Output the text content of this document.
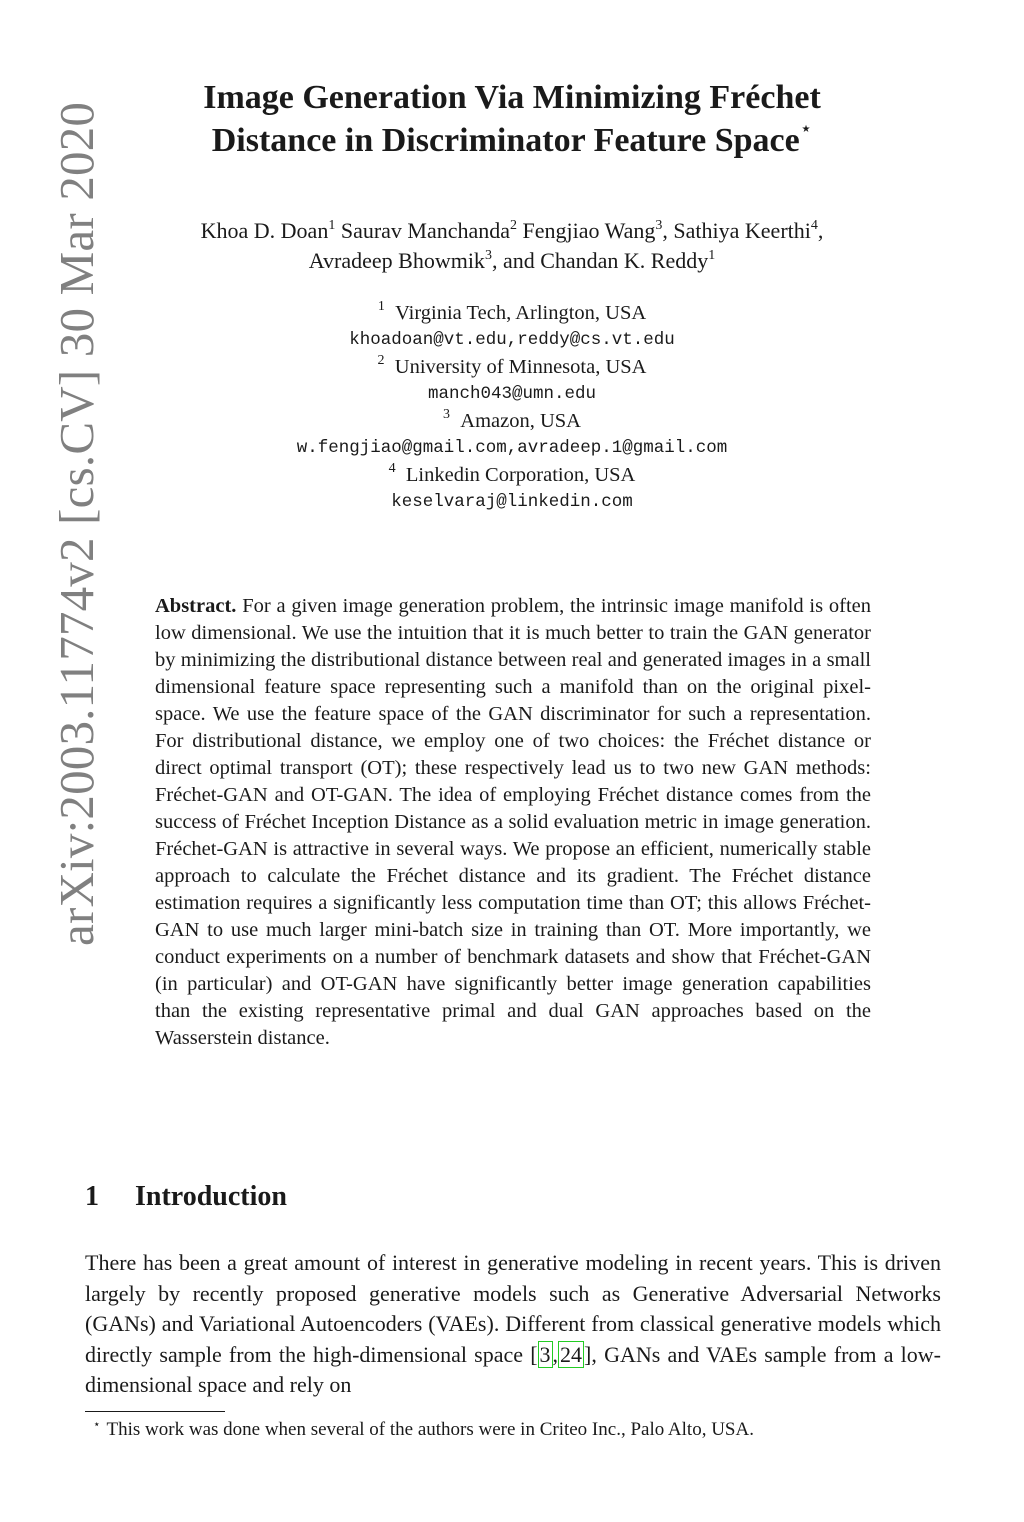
arXiv:2003.11774v2 [cs.CV] 30 Mar 2020
Image Generation Via Minimizing Fréchet
Distance in Discriminator Feature Space⋆
Khoa D. Doan$^1$ Saurav Manchanda$^2$ Fengjiao Wang$^3$, Sathiya Keerthi$^4$,
Avradeep Bhowmik$^3$, and Chandan K. Reddy$^1$
$^1$ Virginia Tech, Arlington, USA
khoadoan@vt.edu,reddy@cs.vt.edu
$^2$ University of Minnesota, USA
manch043@umn.edu
$^3$ Amazon, USA
w.fengjiao@gmail.com,avradeep.1@gmail.com
$^4$ Linkedin Corporation, USA
keselvaraj@linkedin.com
Abstract. For a given image generation problem, the intrinsic image manifold is often low dimensional. We use the intuition that it is much better to train the GAN generator by minimizing the distributional distance between real and generated images in a small dimensional feature space representing such a manifold than on the original pixel-space. We use the feature space of the GAN discriminator for such a representation. For distributional distance, we employ one of two choices: the Fréchet distance or direct optimal transport (OT); these respectively lead us to two new GAN methods: Fréchet-GAN and OT-GAN. The idea of employing Fréchet distance comes from the success of Fréchet Inception Distance as a solid evaluation metric in image generation. Fréchet-GAN is attractive in several ways. We propose an efficient, numerically stable approach to calculate the Fréchet distance and its gradient. The Fréchet distance estimation requires a significantly less computation time than OT; this allows Fréchet-GAN to use much larger mini-batch size in training than OT. More importantly, we conduct experiments on a number of benchmark datasets and show that Fréchet-GAN (in particular) and OT-GAN have significantly better image generation capabilities than the existing representative primal and dual GAN approaches based on the Wasserstein distance.
1 Introduction
There has been a great amount of interest in generative modeling in recent years. This is driven largely by recently proposed generative models such as Generative Adversarial Networks (GANs) and Variational Autoencoders (VAEs). Different from classical generative models which directly sample from the high-dimensional space [3,24], GANs and VAEs sample from a low-dimensional space and rely on
⋆ This work was done when several of the authors were in Criteo Inc., Palo Alto, USA.
